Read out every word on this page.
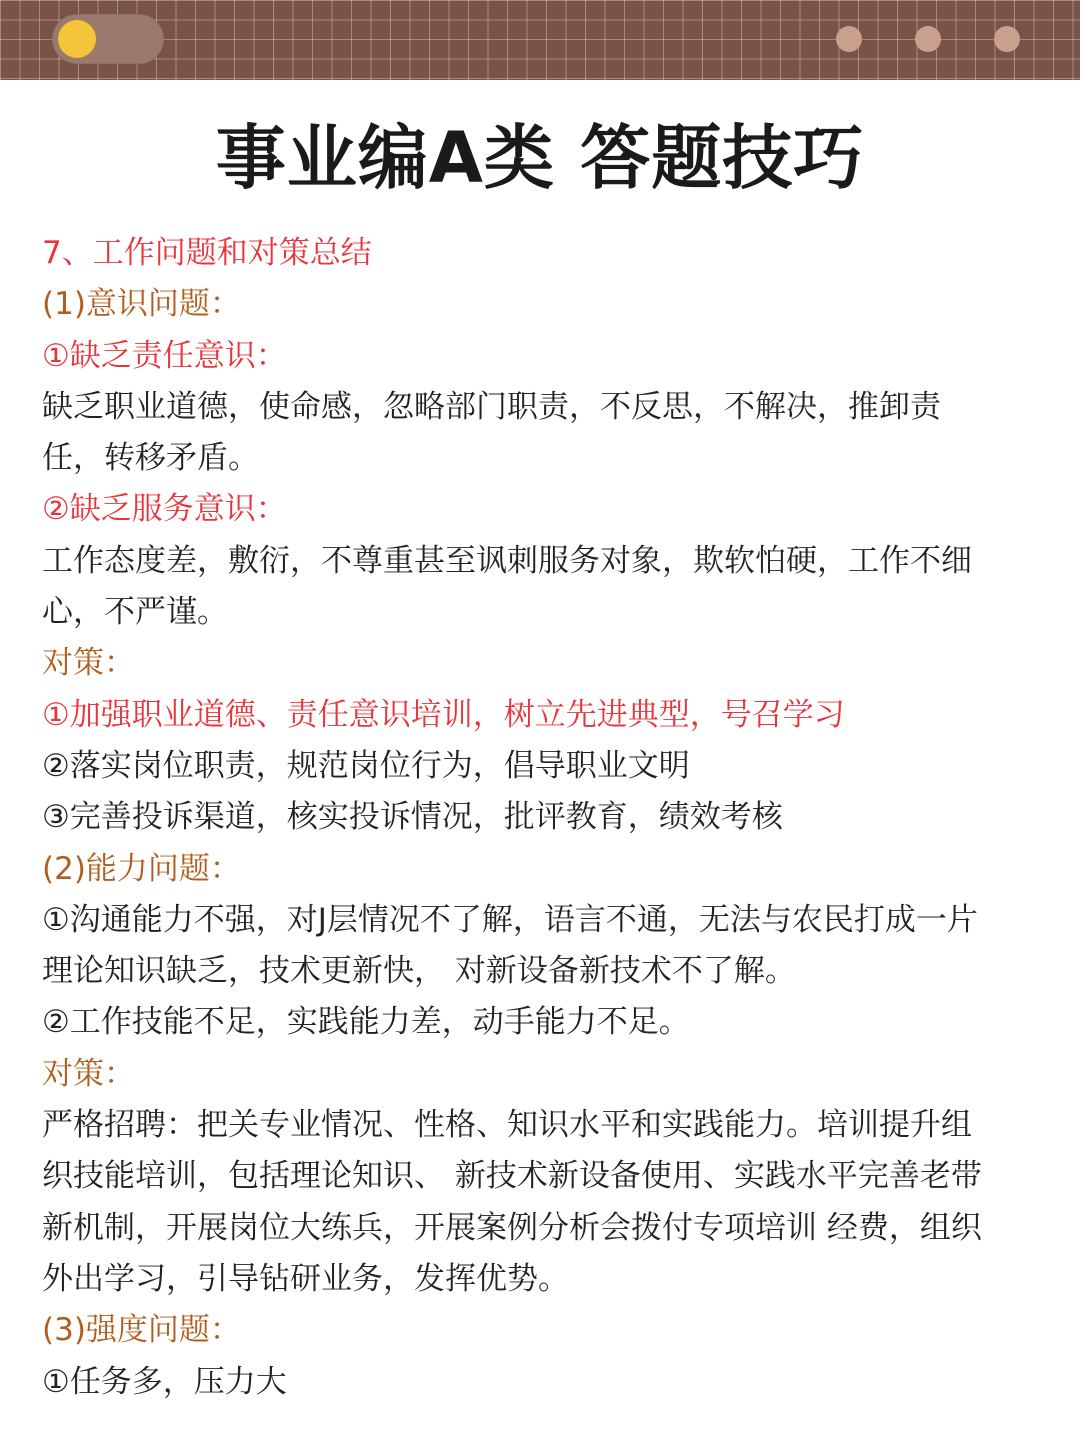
事业编A类 答题技巧
7、工作问题和对策总结
(1)意识问题：
①缺乏责任意识：
缺乏职业道德，使命感，忽略部门职责，不反思，不解决，推卸责
任，转移矛盾。
②缺乏服务意识：
工作态度差，敷衍，不尊重甚至讽刺服务对象，欺软怕硬，工作不细
心，不严谨。
对策：
①加强职业道德、责任意识培训，树立先进典型，号召学习
②落实岗位职责，规范岗位行为，倡导职业文明
③完善投诉渠道，核实投诉情况，批评教育，绩效考核
(2)能力问题：
①沟通能力不强，对J层情况不了解，语言不通，无法与农民打成一片
理论知识缺乏，技术更新快， 对新设备新技术不了解。
②工作技能不足，实践能力差，动手能力不足。
对策：
严格招聘：把关专业情况、性格、知识水平和实践能力。培训提升组
织技能培训，包括理论知识、 新技术新设备使用、实践水平完善老带
新机制，开展岗位大练兵，开展案例分析会拨付专项培训 经费，组织
外出学习，引导钻研业务，发挥优势。
(3)强度问题：
①任务多，压力大
